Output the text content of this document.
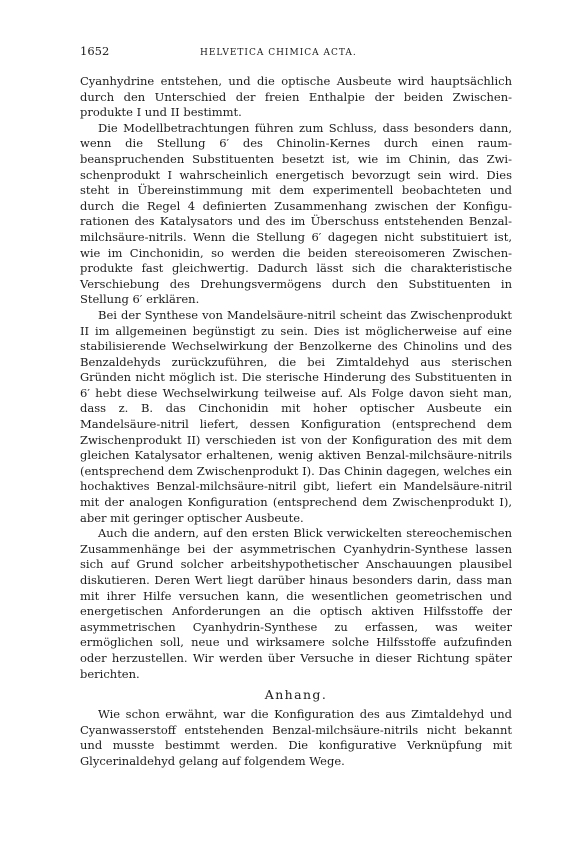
1652	HELVETICA CHIMICA ACTA.

Cyanhydrine entstehen, und die optische Ausbeute wird hauptsächlich durch den Unterschied der freien Enthalpie der beiden Zwischenprodukte I und II bestimmt.

Die Modellbetrachtungen führen zum Schluss, dass besonders dann, wenn die Stellung 6′ des Chinolin-Kernes durch einen raumbeanspruchenden Substituenten besetzt ist, wie im Chinin, das Zwischenprodukt I wahrscheinlich energetisch bevorzugt sein wird. Dies steht in Übereinstimmung mit dem experimentell beobachteten und durch die Regel 4 definierten Zusammenhang zwischen der Konfigurationen des Katalysators und des im Überschuss entstehenden Benzal-milchsäure-nitrils. Wenn die Stellung 6′ dagegen nicht substituiert ist, wie im Cinchonidin, so werden die beiden stereoisomeren Zwischenprodukte fast gleichwertig. Dadurch lässt sich die charakteristische Verschiebung des Drehungsvermögens durch den Substituenten in Stellung 6′ erklären.

Bei der Synthese von Mandelsäure-nitril scheint das Zwischenprodukt II im allgemeinen begünstigt zu sein. Dies ist möglicherweise auf eine stabilisierende Wechselwirkung der Benzolkerne des Chinolins und des Benzaldehyds zurückzuführen, die bei Zimtaldehyd aus sterischen Gründen nicht möglich ist. Die sterische Hinderung des Substituenten in 6′ hebt diese Wechselwirkung teilweise auf. Als Folge davon sieht man, dass z. B. das Cinchonidin mit hoher optischer Ausbeute ein Mandelsäure-nitril liefert, dessen Konfiguration (entsprechend dem Zwischenprodukt II) verschieden ist von der Konfiguration des mit dem gleichen Katalysator erhaltenen, wenig aktiven Benzal-milchsäure-nitrils (entsprechend dem Zwischenprodukt I). Das Chinin dagegen, welches ein hochaktives Benzal-milchsäure-nitril gibt, liefert ein Mandelsäure-nitril mit der analogen Konfiguration (entsprechend dem Zwischenprodukt I), aber mit geringer optischer Ausbeute.

Auch die andern, auf den ersten Blick verwickelten stereochemischen Zusammenhänge bei der asymmetrischen Cyanhydrin-Synthese lassen sich auf Grund solcher arbeitshypothetischer Anschauungen plausibel diskutieren. Deren Wert liegt darüber hinaus besonders darin, dass man mit ihrer Hilfe versuchen kann, die wesentlichen geometrischen und energetischen Anforderungen an die optisch aktiven Hilfsstoffe der asymmetrischen Cyanhydrin-Synthese zu erfassen, was weiter ermöglichen soll, neue und wirksamere solche Hilfsstoffe aufzufinden oder herzustellen. Wir werden über Versuche in dieser Richtung später berichten.

Anhang.

Wie schon erwähnt, war die Konfiguration des aus Zimtaldehyd und Cyanwasserstoff entstehenden Benzal-milchsäure-nitrils nicht bekannt und musste bestimmt werden. Die konfigurative Verknüpfung mit Glycerinaldehyd gelang auf folgendem Wege.
